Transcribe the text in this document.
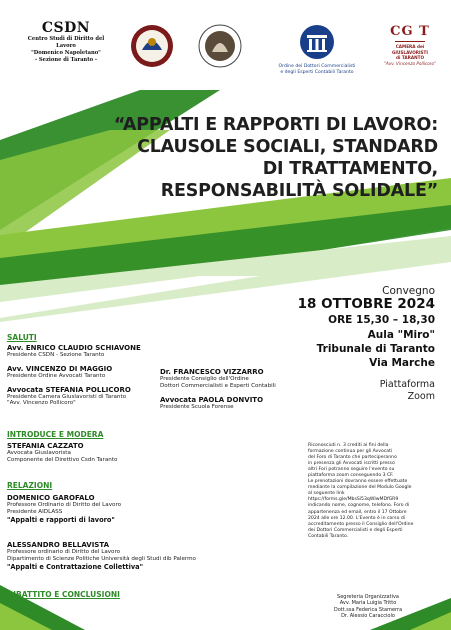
CSDN
Centro Studi di Diritto del Lavoro
"Domenico Napoletano"
- Sezione di Taranto -
Ordine dei Dottori Commercialisti
e degli Esperti Contabili Taranto
CG T
CAMERA dei GIUSLAVORISTI
di TARANTO
"Avv. Vincenzo Pollicoro"
“APPALTI E RAPPORTI DI LAVORO:
CLAUSOLE SOCIALI, STANDARD
DI TRATTAMENTO,
RESPONSABILITÀ SOLIDALE”
Convegno
18 OTTOBRE 2024
ORE 15,30 – 18,30
Aula "Miro"
Tribunale di Taranto
Via Marche
Piattaforma
Zoom
SALUTI
Avv. ENRICO CLAUDIO SCHIAVONE
Presidente CSDN - Sezione Taranto
Avv. VINCENZO DI MAGGIO
Presidente Ordine Avvocati Taranto
Avvocata STEFANIA POLLICORO
Presidente Camera Giuslavoristi di Taranto
"Avv. Vincenzo Pollicoro"
Dr. FRANCESCO VIZZARRO
Presidente Consiglio dell'Ordine
Dottori Commercialisti e Esperti Contabili
Avvocata PAOLA DONVITO
Presidente Scuola Forense
INTRODUCE E MODERA
STEFANIA CAZZATO
Avvocata Giuslavorista
Componente del Direttivo Csdn Taranto
RELAZIONI
DOMENICO GAROFALO
Professore Ordinario di Diritto del Lavoro
Presidente AIDLASS
"Appalti e rapporti di lavoro"
ALESSANDRO BELLAVISTA
Professore ordinario di Diritto del Lavoro
Dipartimento di Scienze Politiche Università degli Studi dib Palermo
"Appalti e Contrattazione Collettiva"
DIBATTITO E CONCLUSIONI
Riconosciuti n. 3 crediti ai fini della
formazione continua per gli Avvocati
del Foro di Taranto che parteciperanno
in presenza gli Avvocati iscritti presso
altri Fori potranno seguire l'evento su
piattaforma zoom conseguendo 3 CF.
Le prenotazioni dovranno essere effettuate
mediante la compilazione del Modulo Google
al seguente link
https://forms.gle/MbsSi53qWIwMDfGR9
indicando nome, cognome, telefono. Foro di
appartenenza ed email, entro il 17 Ottobre
2024 alle ore 12.00. L'Evento è in corso di
accreditamento presso il Consiglio dell'Ordine
dei Dottori Commercialisti e degli Esperti
Contabili Taranto.
Segreteria Organizzativa
Avv. Maria Luigia Tritto
Dott.ssa Federica Stamerra
Dr. Alessio Caracciolo
